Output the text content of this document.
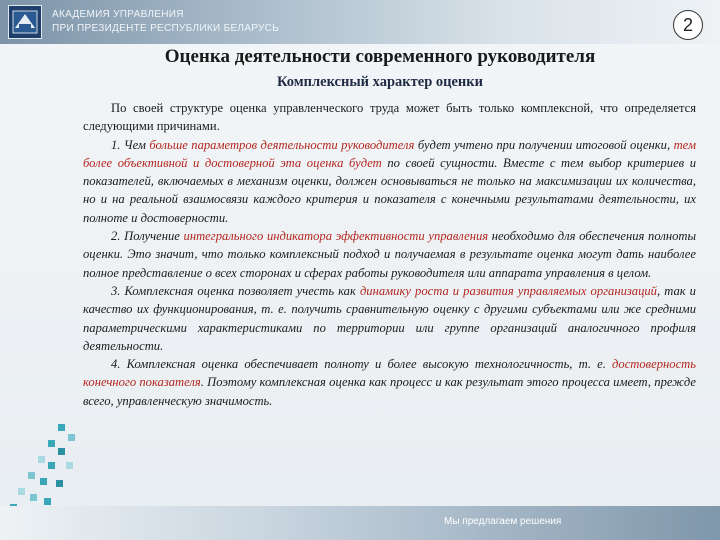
АКАДЕМИЯ УПРАВЛЕНИЯ
ПРИ ПРЕЗИДЕНТЕ РЕСПУБЛИКИ БЕЛАРУСЬ	2
Оценка деятельности современного руководителя
Комплексный характер оценки

По своей структуре оценка управленческого труда может быть только комплексной, что определяется следующими причинами.

1. Чем больше параметров деятельности руководителя будет учтено при получении итоговой оценки, тем более объективной и достоверной эта оценка будет по своей сущности. Вместе с тем выбор критериев и показателей, включаемых в механизм оценки, должен основываться не только на максимизации их количества, но и на реальной взаимосвязи каждого критерия и показателя с конечными результатами деятельности, их полноте и достоверности.

2. Получение интегрального индикатора эффективности управления необходимо для обеспечения полноты оценки. Это значит, что только комплексный подход и получаемая в результате оценка могут дать наиболее полное представление о всех сторонах и сферах работы руководителя или аппарата управления в целом.

3. Комплексная оценка позволяет учесть как динамику роста и развития управляемых организаций, так и качество их функционирования, т. е. получить сравнительную оценку с другими субъектами или же средними параметрическими характеристиками по территории или группе организаций аналогичного профиля деятельности.

4. Комплексная оценка обеспечивает полноту и более высокую технологичность, т. е. достоверность конечного показателя. Поэтому комплексная оценка как процесс и как результат этого процесса имеет, прежде всего, управленческую значимость.

Мы предлагаем решения
